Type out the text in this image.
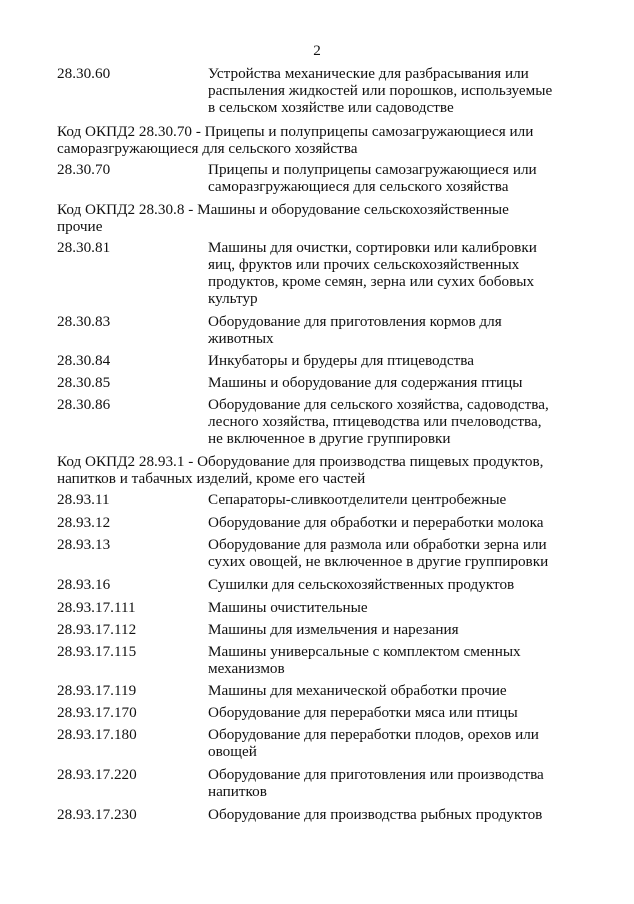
2
28.30.60	Устройства механические для разбрасывания или распыления жидкостей или порошков, используемые в сельском хозяйстве или садоводстве
Код ОКПД2 28.30.70 - Прицепы и полуприцепы самозагружающиеся или саморазгружающиеся для сельского хозяйства
28.30.70	Прицепы и полуприцепы самозагружающиеся или саморазгружающиеся для сельского хозяйства
Код ОКПД2 28.30.8 - Машины и оборудование сельскохозяйственные прочие
28.30.81	Машины для очистки, сортировки или калибровки яиц, фруктов или прочих сельскохозяйственных продуктов, кроме семян, зерна или сухих бобовых культур
28.30.83	Оборудование для приготовления кормов для животных
28.30.84	Инкубаторы и брудеры для птицеводства
28.30.85	Машины и оборудование для содержания птицы
28.30.86	Оборудование для сельского хозяйства, садоводства, лесного хозяйства, птицеводства или пчеловодства, не включенное в другие группировки
Код ОКПД2 28.93.1 - Оборудование для производства пищевых продуктов, напитков и табачных изделий, кроме его частей
28.93.11	Сепараторы-сливкоотделители центробежные
28.93.12	Оборудование для обработки и переработки молока
28.93.13	Оборудование для размола или обработки зерна или сухих овощей, не включенное в другие группировки
28.93.16	Сушилки для сельскохозяйственных продуктов
28.93.17.111	Машины очистительные
28.93.17.112	Машины для измельчения и нарезания
28.93.17.115	Машины универсальные с комплектом сменных механизмов
28.93.17.119	Машины для механической обработки прочие
28.93.17.170	Оборудование для переработки мяса или птицы
28.93.17.180	Оборудование для переработки плодов, орехов или овощей
28.93.17.220	Оборудование для приготовления или производства напитков
28.93.17.230	Оборудование для производства рыбных продуктов
